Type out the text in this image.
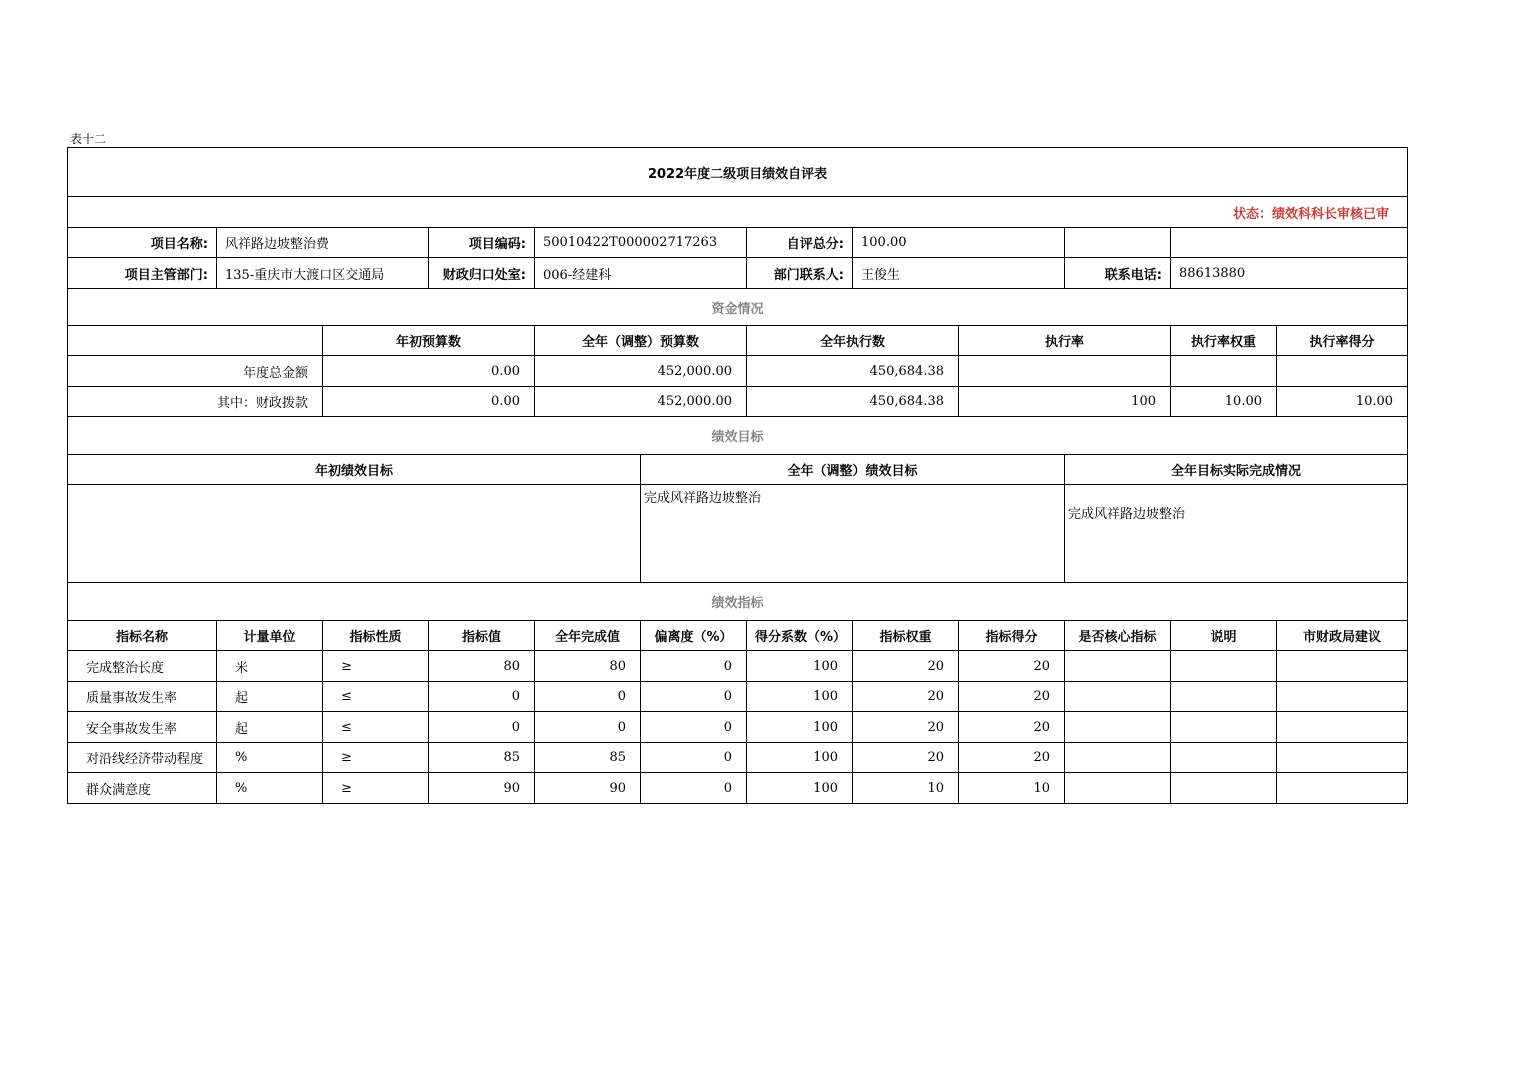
表十二
2022年度二级项目绩效自评表											
状态：绩效科科长审核已审											
项目名称:	风祥路边坡整治费		项目编码:	50010422T000002717263		自评总分:	100.00				
项目主管部门:	135-重庆市大渡口区交通局		财政归口处室:	006-经建科		部门联系人:	王俊生		联系电话:	88613880	
资金情况											
		年初预算数		全年（调整）预算数		全年执行数		执行率		执行率权重	执行率得分
年度总金额		0.00		452,000.00		450,684.38					
其中：财政拨款		0.00		452,000.00		450,684.38		100		10.00	10.00
绩效目标											
年初绩效目标					全年（调整）绩效目标				全年目标实际完成情况		
					完成风祥路边坡整治				完成风祥路边坡整治		
绩效指标											
指标名称	计量单位	指标性质	指标值	全年完成值	偏离度（%）	得分系数（%）	指标权重	指标得分	是否核心指标	说明	市财政局建议
完成整治长度	米	≥	80	80	0	100	20	20			
质量事故发生率	起	≤	0	0	0	100	20	20			
安全事故发生率	起	≤	0	0	0	100	20	20			
对沿线经济带动程度	%	≥	85	85	0	100	20	20			
群众满意度	%	≥	90	90	0	100	10	10			
